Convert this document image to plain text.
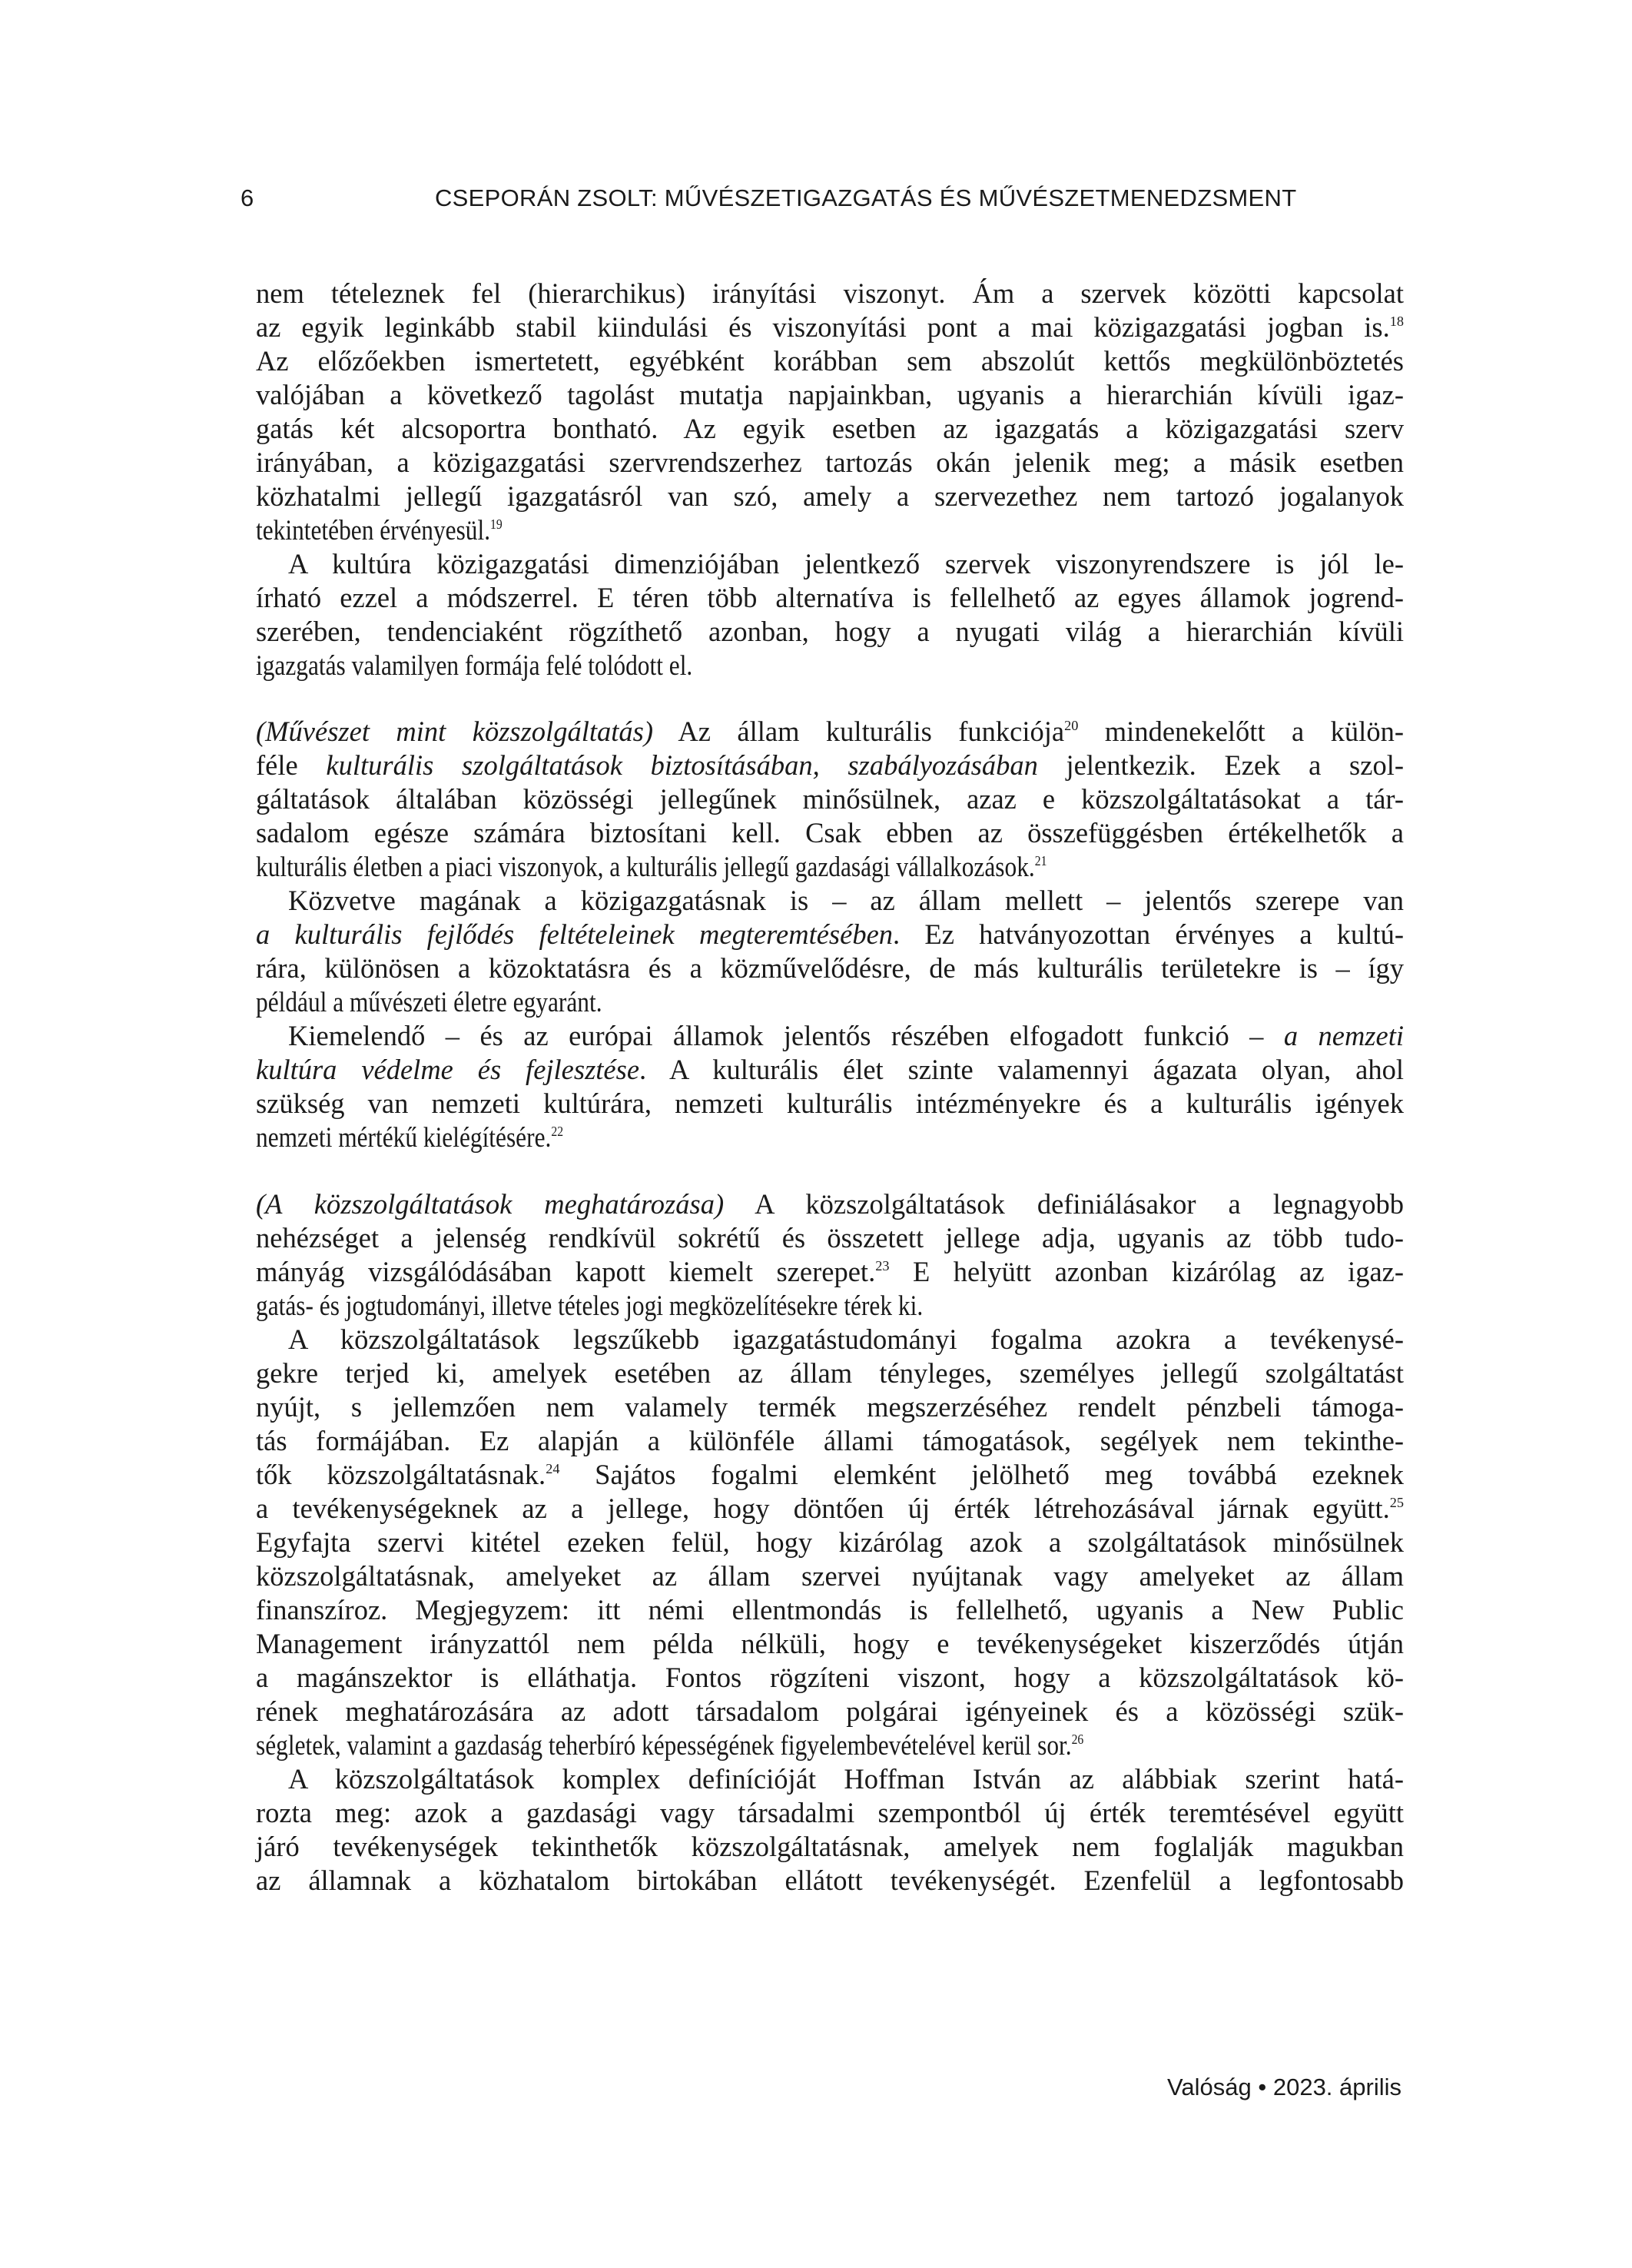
6	CSEPORÁN ZSOLT: MŰVÉSZETIGAZGATÁS ÉS MŰVÉSZETMENEDZSMENT
nem tételeznek fel (hierarchikus) irányítási viszonyt. Ám a szervek közötti kapcsolat
az egyik leginkább stabil kiindulási és viszonyítási pont a mai közigazgatási jogban is.$^{18}$
Az előzőekben ismertetett, egyébként korábban sem abszolút kettős megkülönböztetés
valójában a következő tagolást mutatja napjainkban, ugyanis a hierarchián kívüli igaz-
gatás két alcsoportra bontható. Az egyik esetben az igazgatás a közigazgatási szerv
irányában, a közigazgatási szervrendszerhez tartozás okán jelenik meg; a másik esetben
közhatalmi jellegű igazgatásról van szó, amely a szervezethez nem tartozó jogalanyok
tekintetében érvényesül.$^{19}$
A kultúra közigazgatási dimenziójában jelentkező szervek viszonyrendszere is jól le-
írható ezzel a módszerrel. E téren több alternatíva is fellelhető az egyes államok jogrend-
szerében, tendenciaként rögzíthető azonban, hogy a nyugati világ a hierarchián kívüli
igazgatás valamilyen formája felé tolódott el.
(Művészet mint közszolgáltatás) Az állam kulturális funkciója$^{20}$ mindenekelőtt a külön-
féle kulturális szolgáltatások biztosításában, szabályozásában jelentkezik. Ezek a szol-
gáltatások általában közösségi jellegűnek minősülnek, azaz e közszolgáltatásokat a tár-
sadalom egésze számára biztosítani kell. Csak ebben az összefüggésben értékelhetők a
kulturális életben a piaci viszonyok, a kulturális jellegű gazdasági vállalkozások.$^{21}$
Közvetve magának a közigazgatásnak is – az állam mellett – jelentős szerepe van
a kulturális fejlődés feltételeinek megteremtésében. Ez hatványozottan érvényes a kultú-
rára, különösen a közoktatásra és a közművelődésre, de más kulturális területekre is – így
például a művészeti életre egyaránt.
Kiemelendő – és az európai államok jelentős részében elfogadott funkció – a nemzeti
kultúra védelme és fejlesztése. A kulturális élet szinte valamennyi ágazata olyan, ahol
szükség van nemzeti kultúrára, nemzeti kulturális intézményekre és a kulturális igények
nemzeti mértékű kielégítésére.$^{22}$
(A közszolgáltatások meghatározása) A közszolgáltatások definiálásakor a legnagyobb
nehézséget a jelenség rendkívül sokrétű és összetett jellege adja, ugyanis az több tudo-
mányág vizsgálódásában kapott kiemelt szerepet.$^{23}$ E helyütt azonban kizárólag az igaz-
gatás- és jogtudományi, illetve tételes jogi megközelítésekre térek ki.
A közszolgáltatások legszűkebb igazgatástudományi fogalma azokra a tevékenysé-
gekre terjed ki, amelyek esetében az állam tényleges, személyes jellegű szolgáltatást
nyújt, s jellemzően nem valamely termék megszerzéséhez rendelt pénzbeli támoga-
tás formájában. Ez alapján a különféle állami támogatások, segélyek nem tekinthe-
tők közszolgáltatásnak.$^{24}$ Sajátos fogalmi elemként jelölhető meg továbbá ezeknek
a tevékenységeknek az a jellege, hogy döntően új érték létrehozásával járnak együtt.$^{25}$
Egyfajta szervi kitétel ezeken felül, hogy kizárólag azok a szolgáltatások minősülnek
közszolgáltatásnak, amelyeket az állam szervei nyújtanak vagy amelyeket az állam
finanszíroz. Megjegyzem: itt némi ellentmondás is fellelhető, ugyanis a New Public
Management irányzattól nem példa nélküli, hogy e tevékenységeket kiszerződés útján
a magánszektor is elláthatja. Fontos rögzíteni viszont, hogy a közszolgáltatások kö-
rének meghatározására az adott társadalom polgárai igényeinek és a közösségi szük-
ségletek, valamint a gazdaság teherbíró képességének figyelembevételével kerül sor.$^{26}$
A közszolgáltatások komplex definícióját Hoffman István az alábbiak szerint hatá-
rozta meg: azok a gazdasági vagy társadalmi szempontból új érték teremtésével együtt
járó tevékenységek tekinthetők közszolgáltatásnak, amelyek nem foglalják magukban
az államnak a közhatalom birtokában ellátott tevékenységét. Ezenfelül a legfontosabb
Valóság • 2023. április
